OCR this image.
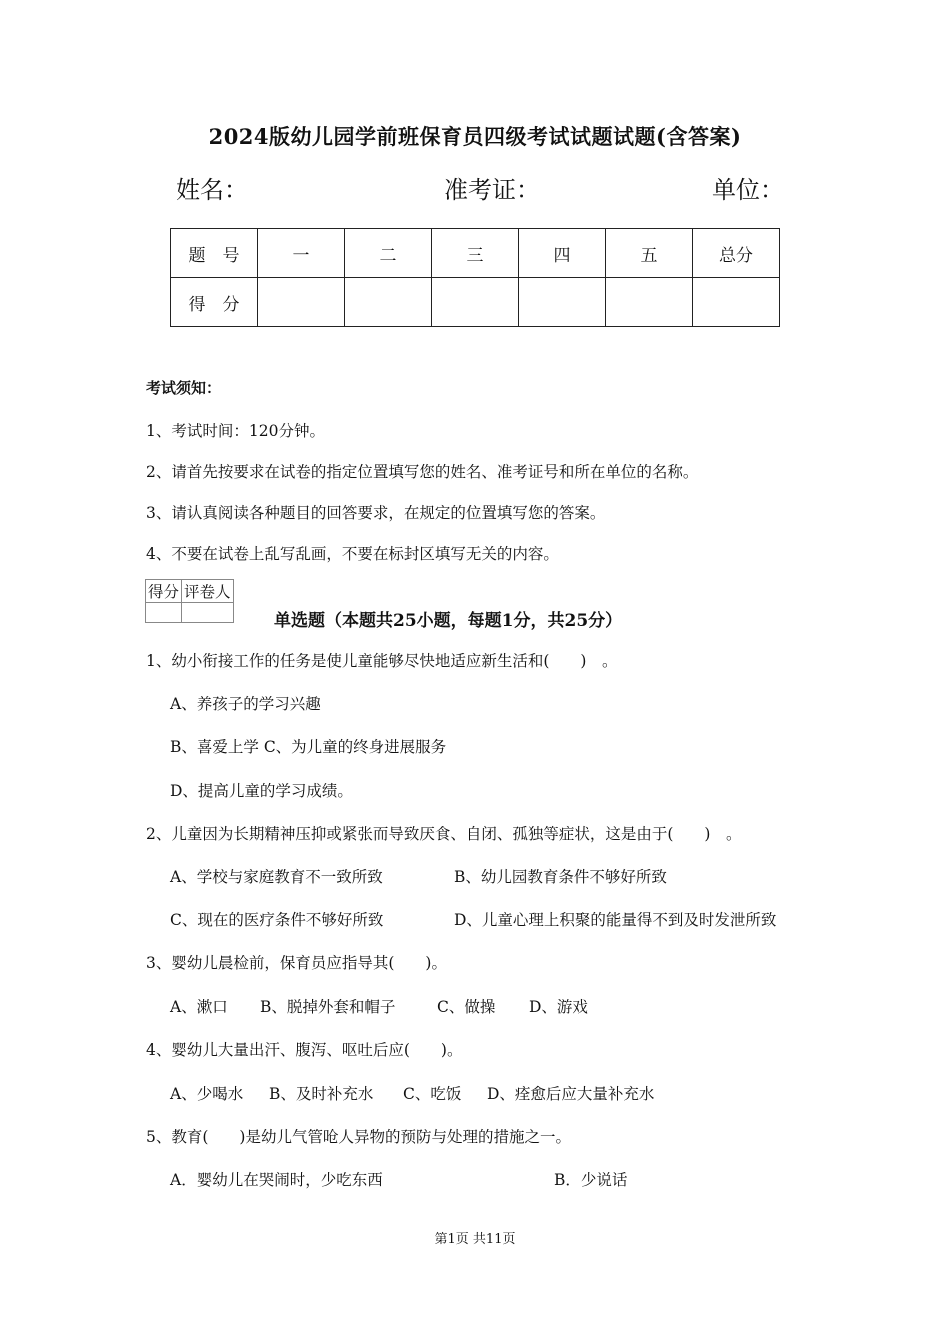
2024版幼儿园学前班保育员四级考试试题试题(含答案)
姓名：	准考证：	单位：
题　号	一	二	三	四	五	总分
得　分						
考试须知：
1、考试时间：120分钟。
2、请首先按要求在试卷的指定位置填写您的姓名、准考证号和所在单位的名称。
3、请认真阅读各种题目的回答要求，在规定的位置填写您的答案。
4、不要在试卷上乱写乱画，不要在标封区填写无关的内容。
得分	评卷人

单选题（本题共25小题，每题1分，共25分）
1、幼小衔接工作的任务是使儿童能够尽快地适应新生活和(　　)　。
A、养孩子的学习兴趣
B、喜爱上学 C、为儿童的终身进展服务
D、提高儿童的学习成绩。
2、儿童因为长期精神压抑或紧张而导致厌食、自闭、孤独等症状，这是由于(　　)　。
A、学校与家庭教育不一致所致	B、幼儿园教育条件不够好所致
C、现在的医疗条件不够好所致	D、儿童心理上积聚的能量得不到及时发泄所致
3、婴幼儿晨检前，保育员应指导其(　　)。
A、漱口 B、脱掉外套和帽子	C、做操 D、游戏
4、婴幼儿大量出汗、腹泻、呕吐后应(　　)。
A、少喝水 B、及时补充水 C、吃饭 D、痊愈后应大量补充水
5、教育(　　)是幼儿气管呛人异物的预防与处理的措施之一。
A．婴幼儿在哭闹时，少吃东西	B．少说话
第1页 共11页
